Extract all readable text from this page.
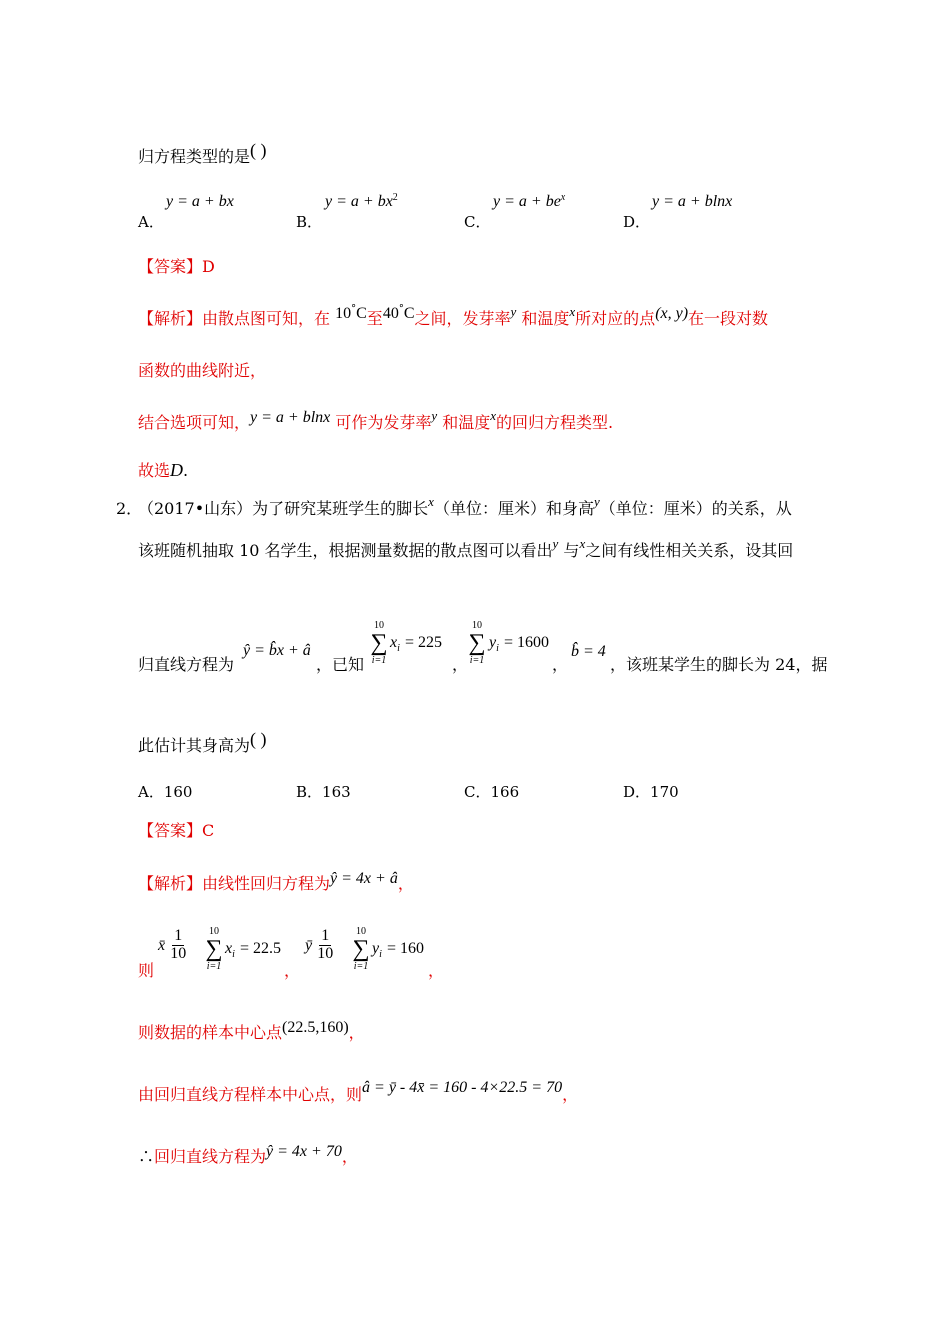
归方程类型的是( )
y = a + bx
A．
$y = a + bx^2$
B．
$y = a + be^x$
C．
y = a + blnx
D．
【答案】D
【解析】由散点图可知，在 10°C至40°C之间，发芽率$^y$ 和温度$^x$所对应的点(x, y)在一段对数
函数的曲线附近，
结合选项可知，y = a + blnx 可作为发芽率$^y$ 和温度$^x$的回归方程类型.
故选D.
2．
（2017•山东）为了研究某班学生的脚长$^x$（单位：厘米）和身高$^y$（单位：厘米）的关系，从
该班随机抽取 10 名学生，根据测量数据的散点图可以看出$^y$ 与$^x$之间有线性相关关系，设其回
归直线方程为
ŷ = b̂x + â
，已知
10
∑
i=1
$x_i = 225$
，
10
∑
i=1
$y_i = 1600$
，
b̂ = 4
，该班某学生的脚长为 24，据
此估计其身高为( )
A．160	B．163	C．166	D．170
【答案】C
【解析】由线性回归方程为ŷ = 4x + â，
则
x̄ $\frac{1}{10}$	10
∑
i=1
$x_i = 22.5$
，
ȳ $\frac{1}{10}$	10
∑
i=1
$y_i = 160$
，
则数据的样本中心点(22.5,160)，
由回归直线方程样本中心点，则â = ȳ - 4x̄ = 160 - 4×22.5 = 70，
∴回归直线方程为ŷ = 4x + 70，
